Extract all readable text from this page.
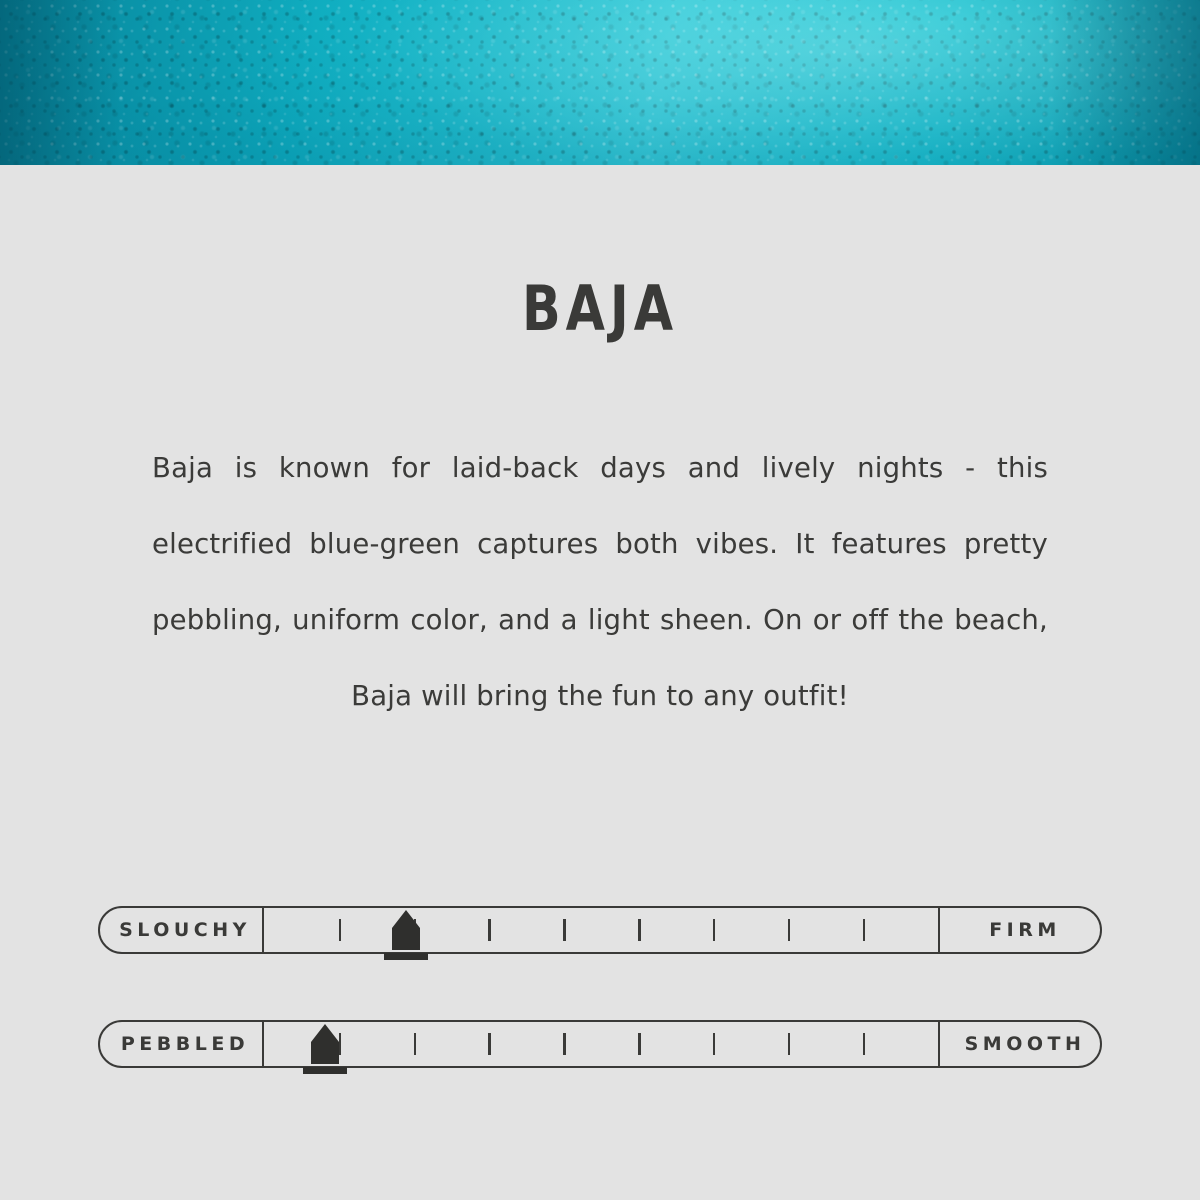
BAJA
Baja is known for laid-back days and lively nights - this electrified blue-green captures both vibes. It features pretty pebbling, uniform color, and a light sheen. On or off the beach, Baja will bring the fun to any outfit!
SLOUCHY	FIRM
PEBBLED	SMOOTH
